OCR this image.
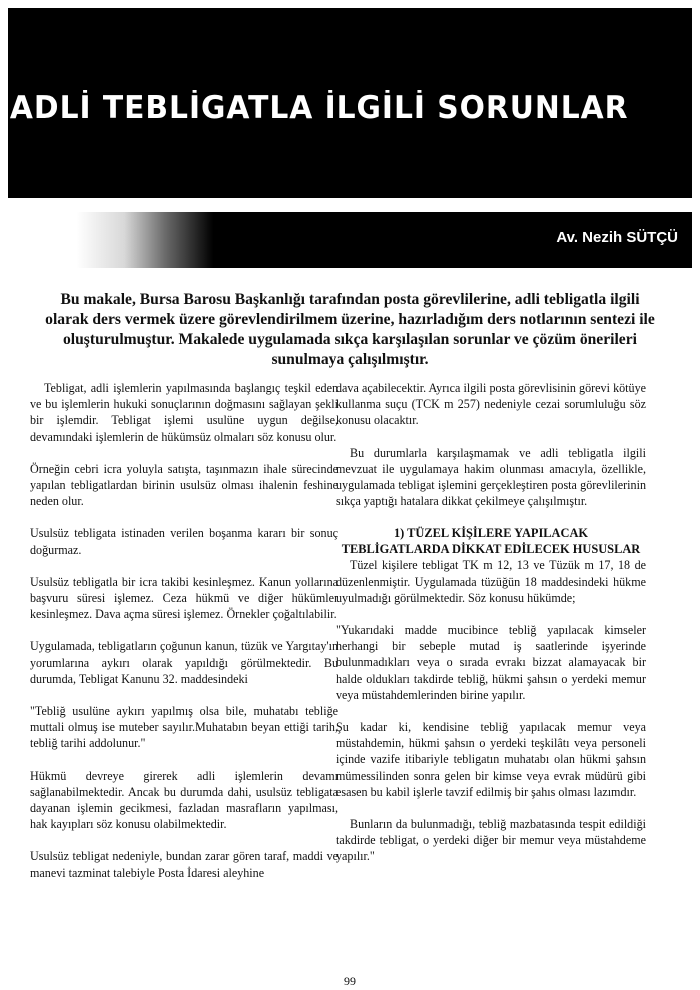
ADLİ TEBLİGATLA İLGİLİ SORUNLAR
Av. Nezih SÜTÇÜ
Bu makale, Bursa Barosu Başkanlığı tarafından posta görevlilerine, adli tebligatla ilgili olarak ders vermek üzere görevlendirilmem üzerine, hazırladığım ders notlarının sentezi ile oluşturulmuştur. Makalede uygulamada sıkça karşılaşılan sorunlar ve çözüm önerileri sunulmaya çalışılmıştır.

Tebligat, adli işlemlerin yapılmasında başlangıç teşkil eden ve bu işlemlerin hukuki sonuçlarının doğmasını sağlayan şekli bir işlemdir. Tebligat işlemi usulüne uygun değilse, devamındaki işlemlerin de hükümsüz olmaları söz konusu olur.

Örneğin cebri icra yoluyla satışta, taşınmazın ihale sürecinde yapılan tebligatlardan birinin usulsüz olması ihalenin feshine neden olur.

Usulsüz tebligata istinaden verilen boşanma kararı bir sonuç doğurmaz.

Usulsüz tebligatla bir icra takibi kesinleşmez. Kanun yollarına başvuru süresi işlemez. Ceza hükmü ve diğer hükümler kesinleşmez. Dava açma süresi işlemez. Örnekler çoğaltılabilir.

Uygulamada, tebligatların çoğunun kanun, tüzük ve Yargıtay'ın yorumlarına aykırı olarak yapıldığı görülmektedir. Bu durumda, Tebligat Kanunu 32. maddesindeki

"Tebliğ usulüne aykırı yapılmış olsa bile, muhatabı tebliğe muttali olmuş ise muteber sayılır.Muhatabın beyan ettiği tarih, tebliğ tarihi addolunur."

Hükmü devreye girerek adli işlemlerin devamı sağlanabilmektedir. Ancak bu durumda dahi, usulsüz tebligata dayanan işlemin gecikmesi, fazladan masrafların yapılması, hak kayıpları söz konusu olabilmektedir.

Usulsüz tebligat nedeniyle, bundan zarar gören taraf, maddi ve manevi tazminat talebiyle Posta İdaresi aleyhine

dava açabilecektir. Ayrıca ilgili posta görevlisinin görevi kötüye kullanma suçu (TCK m 257) nedeniyle cezai sorumluluğu söz konusu olacaktır.

Bu durumlarla karşılaşmamak ve adli tebligatla ilgili mevzuat ile uygulamaya hakim olunması amacıyla, özellikle, uygulamada tebligat işlemini gerçekleştiren posta görevlilerinin sıkça yaptığı hatalara dikkat çekilmeye çalışılmıştır.

1) TÜZEL KİŞİLERE YAPILACAK
TEBLİGATLARDA DİKKAT EDİLECEK HUSUSLAR

Tüzel kişilere tebligat TK m 12, 13 ve Tüzük m 17, 18 de düzenlenmiştir. Uygulamada tüzüğün 18 maddesindeki hükme uyulmadığı görülmektedir. Söz konusu hükümde;

"Yukarıdaki madde mucibince tebliğ yapılacak kimseler herhangi bir sebeple mutad iş saatlerinde işyerinde bulunmadıkları veya o sırada evrakı bizzat alamayacak bir halde oldukları takdirde tebliğ, hükmi şahsın o yerdeki memur veya müstahdemlerinden birine yapılır.

Şu kadar ki, kendisine tebliğ yapılacak memur veya müstahdemin, hükmi şahsın o yerdeki teşkilâtı veya personeli içinde vazife itibariyle tebligatın muhatabı olan hükmi şahsın mümessilinden sonra gelen bir kimse veya evrak müdürü gibi esasen bu kabil işlerle tavzif edilmiş bir şahıs olması lazımdır.

Bunların da bulunmadığı, tebliğ mazbatasında tespit edildiği takdirde tebligat, o yerdeki diğer bir memur veya müstahdeme yapılır."

99
